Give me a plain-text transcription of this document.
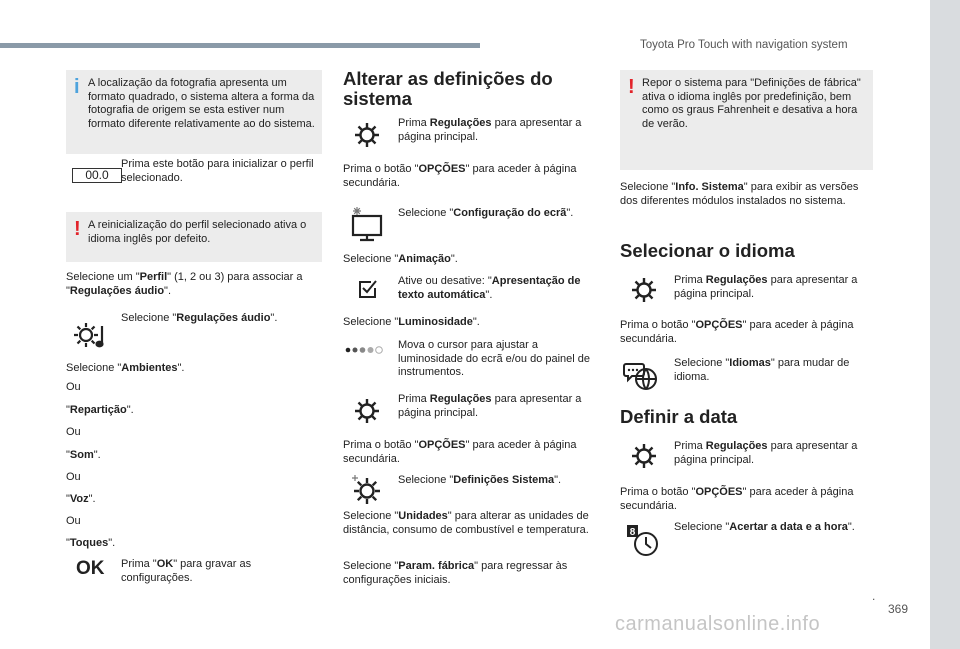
Toyota Pro Touch with navigation system
i A localização da fotografia apresenta um formato quadrado, o sistema altera a forma da fotografia de origem se esta estiver num formato diferente relativamente ao do sistema.
00.0
Prima este botão para inicializar o perfil selecionado.
! A reinicialização do perfil selecionado ativa o idioma inglês por defeito.
Selecione um "Perfil" (1, 2 ou 3) para associar a "Regulações áudio".
Selecione "Regulações áudio".
Selecione "Ambientes".
Ou
"Repartição".
Ou
"Som".
Ou
"Voz".
Ou
"Toques".
OK Prima "OK" para gravar as configurações.
Alterar as definições do sistema
Prima Regulações para apresentar a página principal.
Prima o botão "OPÇÕES" para aceder à página secundária.
Selecione "Configuração do ecrã".
Selecione "Animação".
Ative ou desative: "Apresentação de texto automática".
Selecione "Luminosidade".
Mova o cursor para ajustar a luminosidade do ecrã e/ou do painel de instrumentos.
Prima Regulações para apresentar a página principal.
Prima o botão "OPÇÕES" para aceder à página secundária.
Selecione "Definições Sistema".
Selecione "Unidades" para alterar as unidades de distância, consumo de combustível e temperatura.
Selecione "Param. fábrica" para regressar às configurações iniciais.
! Repor o sistema para "Definições de fábrica" ativa o idioma inglês por predefinição, bem como os graus Fahrenheit e desativa a hora de verão.
Selecione "Info. Sistema" para exibir as versões dos diferentes módulos instalados no sistema.
Selecionar o idioma
Prima Regulações para apresentar a página principal.
Prima o botão "OPÇÕES" para aceder à página secundária.
Selecione "Idiomas" para mudar de idioma.
Definir a data
Prima Regulações para apresentar a página principal.
Prima o botão "OPÇÕES" para aceder à página secundária.
8	Selecione "Acertar a data e a hora".
.
369
carmanualsonline.info
